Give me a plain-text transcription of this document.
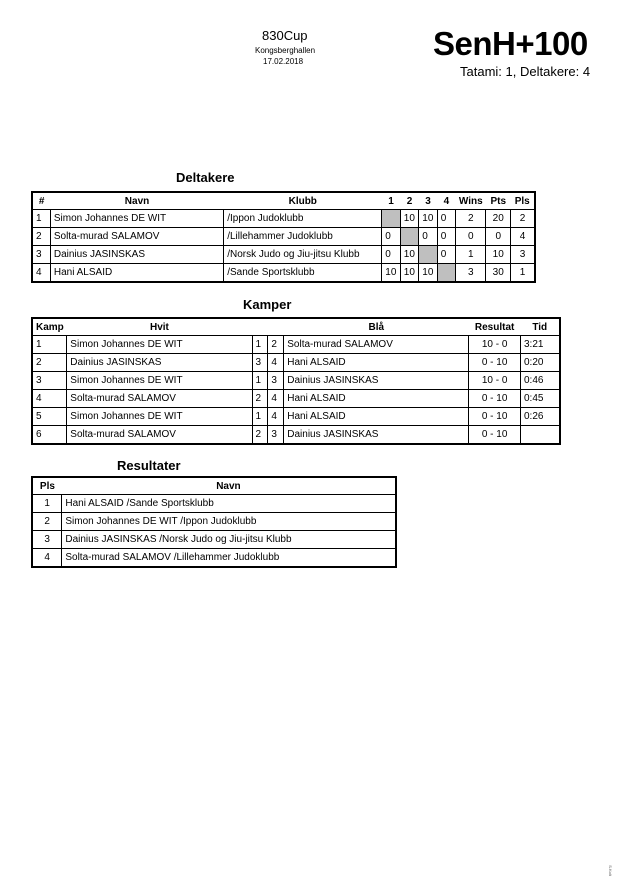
830Cup
Kongsberghallen
17.02.2018	SenH+100
Tatami: 1, Deltakere: 4
Deltakere
#	Navn	Klubb	1	2	3	4	Wins	Pts	Pls
1	Simon Johannes DE WIT	/Ippon Judoklubb		10	10	0	2	20	2
2	Solta-murad SALAMOV	/Lillehammer Judoklubb	0		0	0	0	0	4
3	Dainius JASINSKAS	/Norsk Judo og Jiu-jitsu Klubb	0	10		0	1	10	3
4	Hani ALSAID	/Sande Sportsklubb	10	10	10		3	30	1
Kamper
Kamp	Hvit			Blå	Resultat	Tid
1	Simon Johannes DE WIT	1	2	Solta-murad SALAMOV	10 - 0	3:21
2	Dainius JASINSKAS	3	4	Hani ALSAID	0 - 10	0:20
3	Simon Johannes DE WIT	1	3	Dainius JASINSKAS	10 - 0	0:46
4	Solta-murad SALAMOV	2	4	Hani ALSAID	0 - 10	0:45
5	Simon Johannes DE WIT	1	4	Hani ALSAID	0 - 10	0:26
6	Solta-murad SALAMOV	2	3	Dainius JASINSKAS	0 - 10	
Resultater
Pls	Navn
1	Hani ALSAID /Sande Sportsklubb
2	Simon Johannes DE WIT /Ippon Judoklubb
3	Dainius JASINSKAS /Norsk Judo og Jiu-jitsu Klubb
4	Solta-murad SALAMOV /Lillehammer Judoklubb
S.Kolt
